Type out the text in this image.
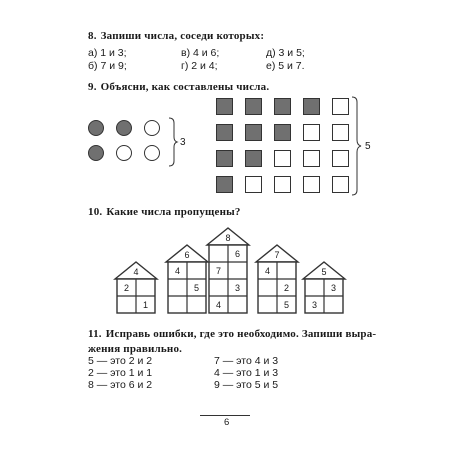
8. Запиши числа, соседи которых:
а) 1 и 3;	в) 4 и 6;	д) 3 и 5;
б) 7 и 9;	г) 2 и 4;	е) 5 и 7.
9. Объясни, как составлены числа.
3	5
10. Какие числа пропущены?
4
2
1
6
4
5
8
6
7
3
4
7
4
2
5
5
3
3
11. Исправь ошибки, где это необходимо. Запиши выра-
жения правильно.
5 — это 2 и 2
2 — это 1 и 1
8 — это 6 и 2
7 — это 4 и 3
4 — это 1 и 3
9 — это 5 и 5
6
